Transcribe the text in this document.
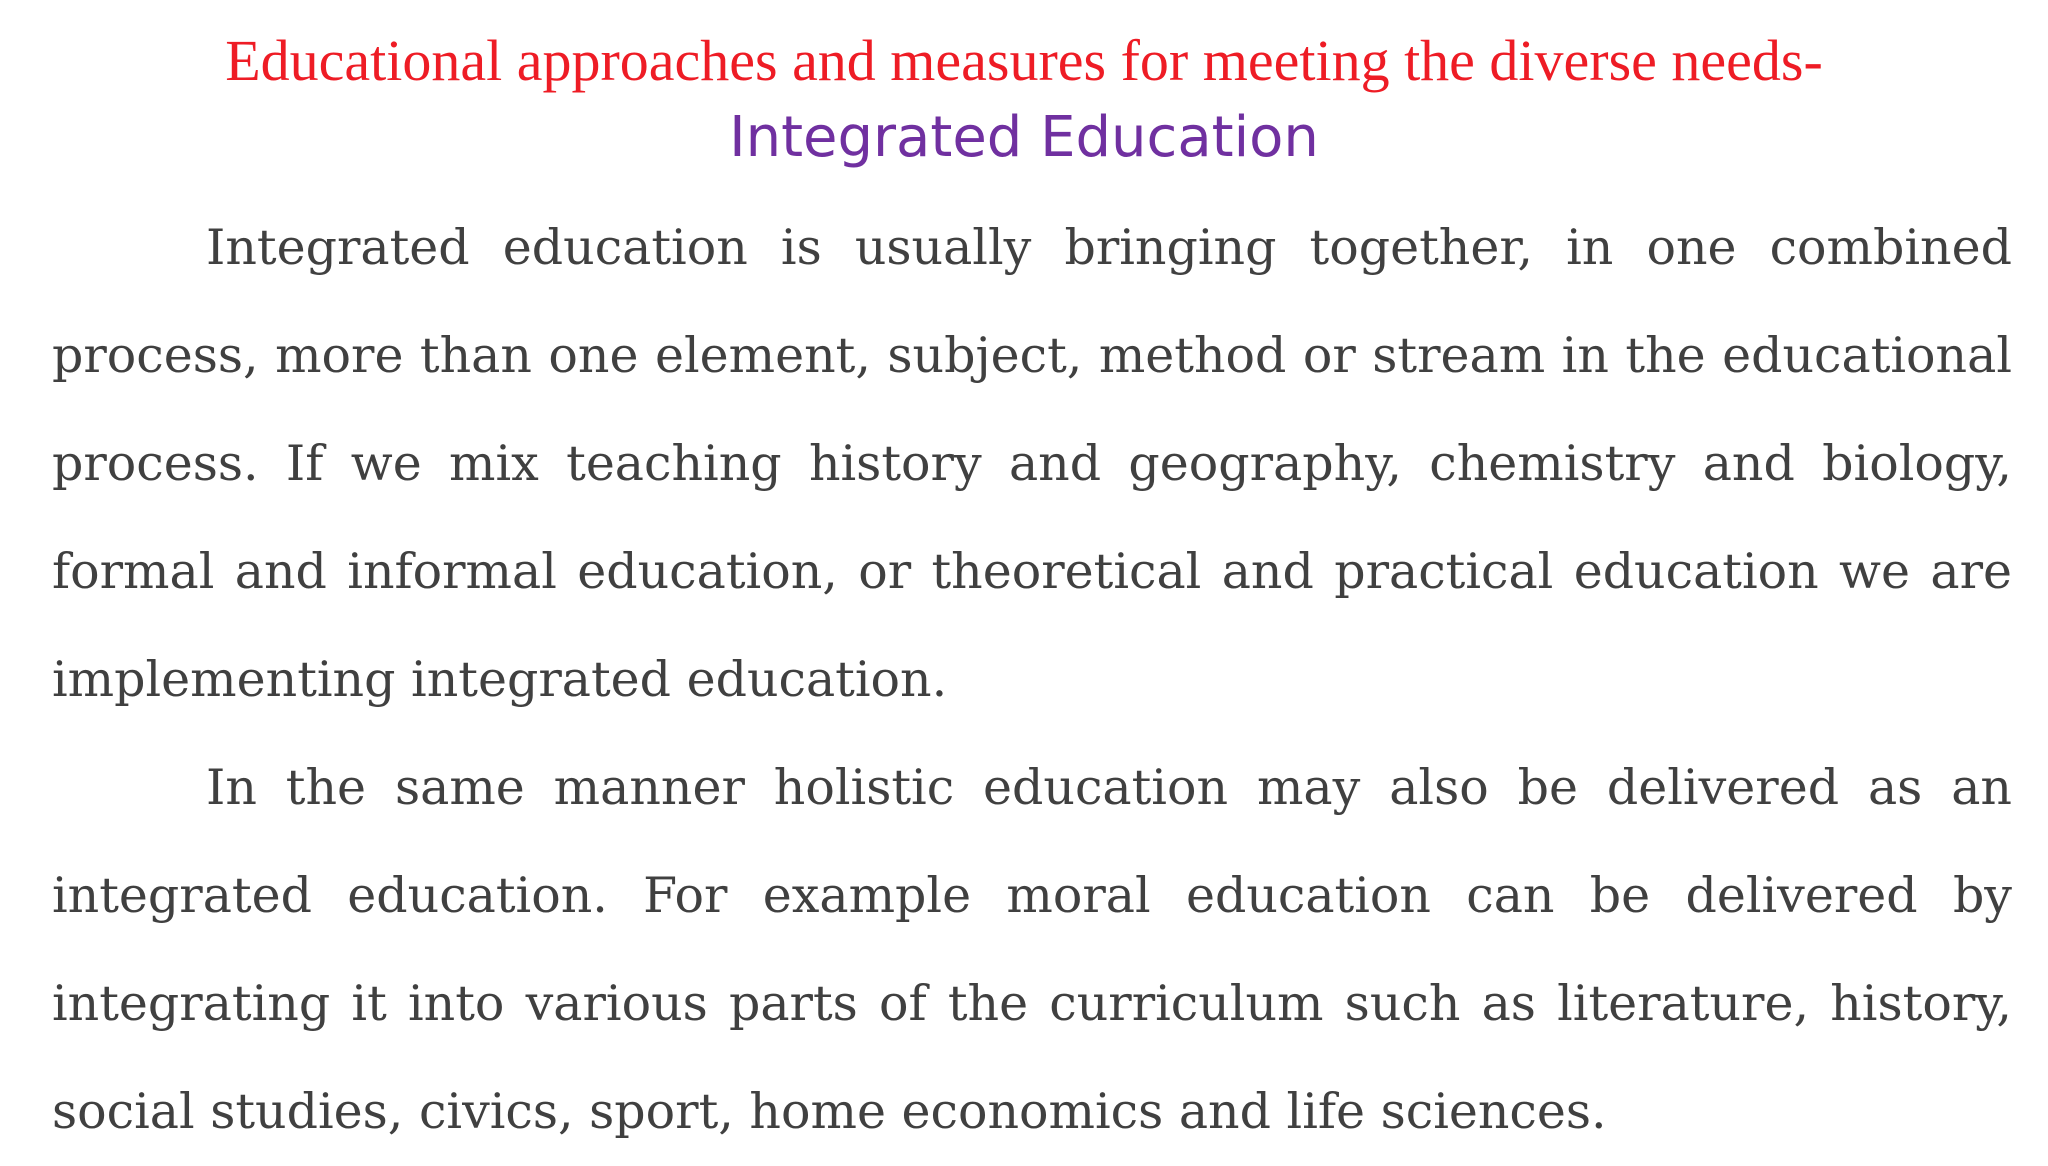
Educational approaches and measures for meeting the diverse needs-
Integrated Education

Integrated education is usually bringing together, in one combined process, more than one element, subject, method or stream in the educational process. If we mix teaching history and geography, chemistry and biology, formal and informal education, or theoretical and practical education we are implementing integrated education.

In the same manner holistic education may also be delivered as an integrated education. For example moral education can be delivered by integrating it into various parts of the curriculum such as literature, history, social studies, civics, sport, home economics and life sciences.
